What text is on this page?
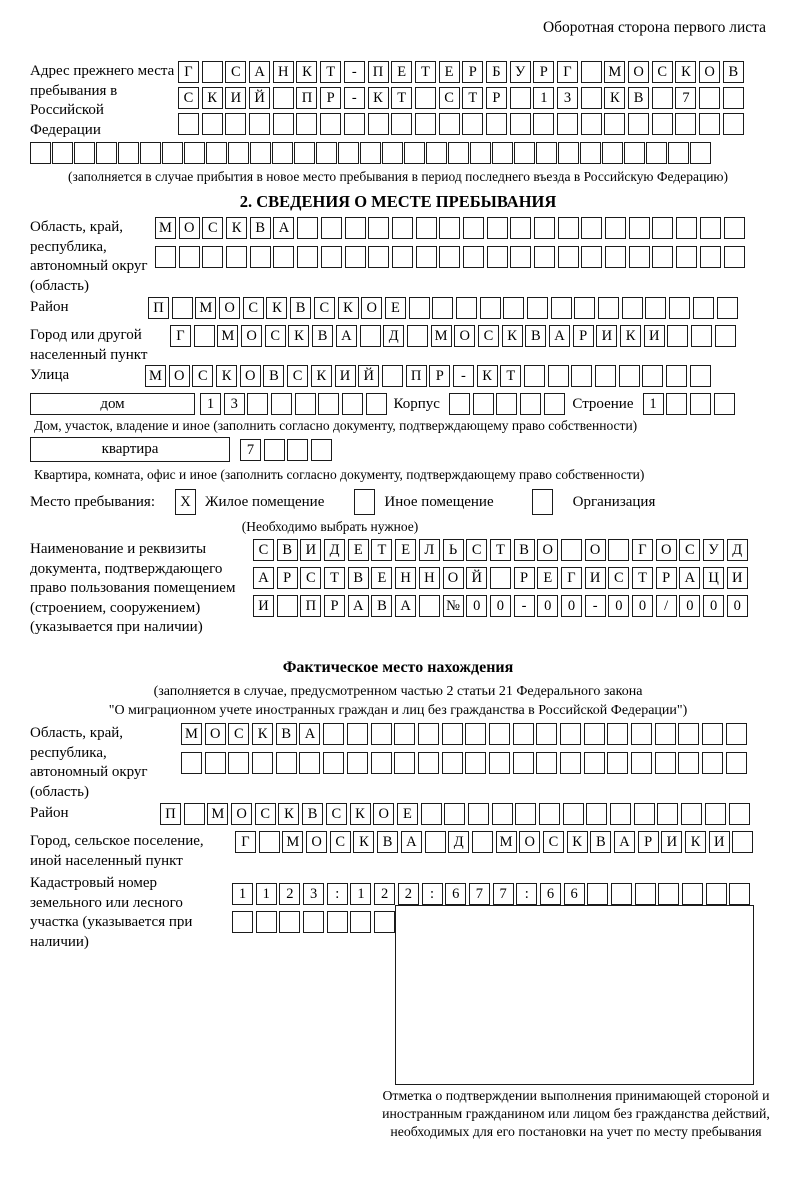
Оборотная сторона первого листа
Адрес прежнего места пребывания в Российской Федерации
Г	С А Н К Т	-	П Е	Т	Е	Р	Б У	Р	Г	М О С К О В
С К И Й	П Р	-	К Т	С Т	Р	1	3	К В	7
(заполняется в случае прибытия в новое место пребывания в период последнего въезда в Российскую Федерацию)
2. СВЕДЕНИЯ О МЕСТЕ ПРЕБЫВАНИЯ
Область, край, республика, автономный округ (область)
М О С К В А
Район	П	М О С К В С К О Е
Город или другой населенный пункт
Г	М О С К В А	Д	М О С К В А Р И К И
Улица	М О С К О В С К И Й	П Р	-	К Т
дом	1	3	Корпус	Строение	1
Дом, участок, владение и иное (заполнить согласно документу, подтверждающему право собственности)
квартира	7
Квартира, комната, офис и иное (заполнить согласно документу, подтверждающему право собственности)
Место пребывания:	X Жилое помещение	Иное помещение	Организация
(Необходимо выбрать нужное)
Наименование и реквизиты документа, подтверждающего право пользования помещением (строением, сооружением) (указывается при наличии)
С В И Д Е	Т	Е Л	Ь	С Т В О	О	Г О С У Д
А Р	С Т В Е Н Н О Й	Р	Е	Г И С Т	Р А Ц И
И	П Р А В А	№ 0	0	-	0	0	-	0	0	/	0	0	0
Фактическое место нахождения
(заполняется в случае, предусмотренном частью 2 статьи 21 Федерального закона
"О миграционном учете иностранных граждан и лиц без гражданства в Российской Федерации")
Область, край, республика, автономный округ (область)
М О С К В А
Район	П	М О С К В С К О Е
Город, сельское поселение, иной населенный пункт
Г	М О С К В А	Д	М О С К В А Р И К И
Кадастровый номер земельного или лесного участка (указывается при наличии)
1	1	2	3	:	1	2	2	:	6	7	7	:	6	6
Отметка о подтверждении выполнения принимающей стороной и иностранным гражданином или лицом без гражданства действий, необходимых для его постановки на учет по месту пребывания
